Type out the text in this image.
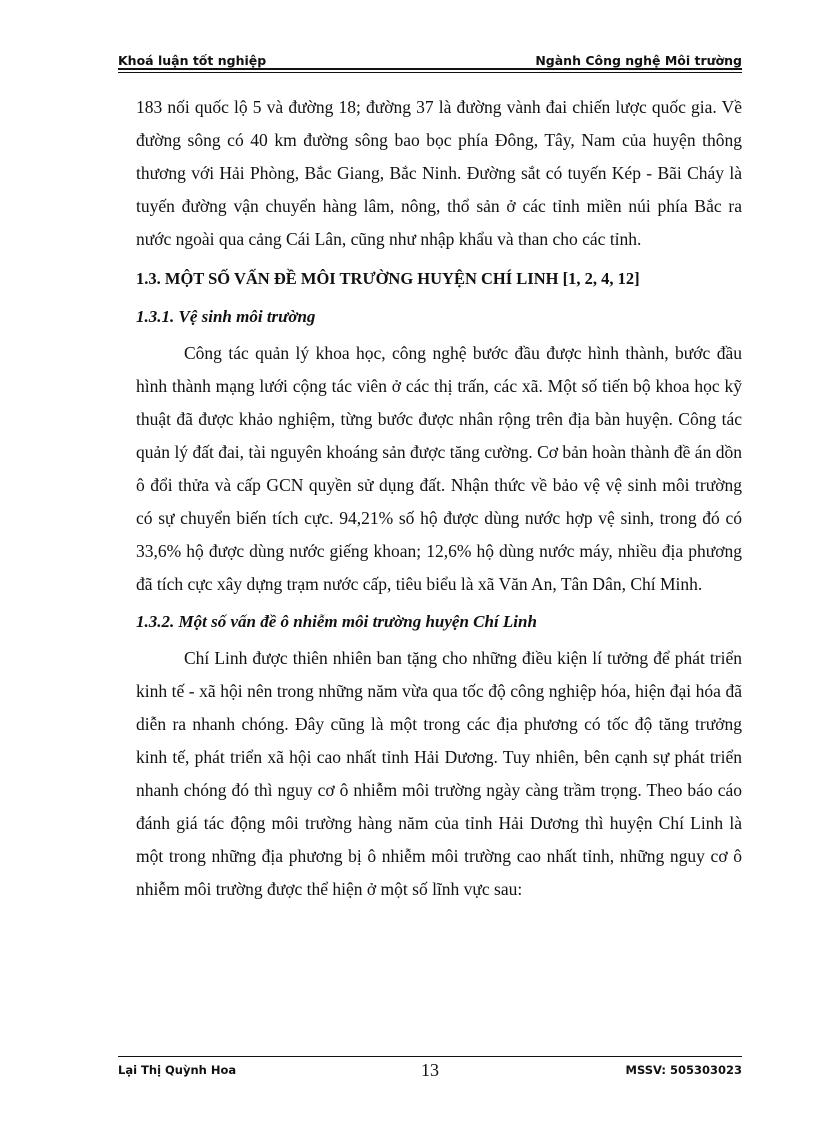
Khoá luận tốt nghiệp	Ngành Công nghệ Môi trường

183 nối quốc lộ 5 và đường 18; đường 37 là đường vành đai chiến lược quốc gia. Về đường sông có 40 km đường sông bao bọc phía Đông, Tây, Nam của huyện thông thương với Hải Phòng, Bắc Giang, Bắc Ninh. Đường sắt có tuyến Kép - Bãi Cháy là tuyến đường vận chuyển hàng lâm, nông, thổ sản ở các tỉnh miền núi phía Bắc ra nước ngoài qua cảng Cái Lân, cũng như nhập khẩu và than cho các tỉnh.

1.3. MỘT SỐ VẤN ĐỀ MÔI TRƯỜNG HUYỆN CHÍ LINH [1, 2, 4, 12]
1.3.1. Vệ sinh môi trường

Công tác quản lý khoa học, công nghệ bước đầu được hình thành, bước đầu hình thành mạng lưới cộng tác viên ở các thị trấn, các xã. Một số tiến bộ khoa học kỹ thuật đã được khảo nghiệm, từng bước được nhân rộng trên địa bàn huyện. Công tác quản lý đất đai, tài nguyên khoáng sản được tăng cường. Cơ bản hoàn thành đề án dồn ô đổi thửa và cấp GCN quyền sử dụng đất. Nhận thức về bảo vệ vệ sinh môi trường có sự chuyển biến tích cực. 94,21% số hộ được dùng nước hợp vệ sinh, trong đó có 33,6% hộ được dùng nước giếng khoan; 12,6% hộ dùng nước máy, nhiều địa phương đã tích cực xây dựng trạm nước cấp, tiêu biểu là xã Văn An, Tân Dân, Chí Minh.

1.3.2. Một số vấn đề ô nhiễm môi trường huyện Chí Linh

Chí Linh được thiên nhiên ban tặng cho những điều kiện lí tưởng để phát triển kinh tế - xã hội nên trong những năm vừa qua tốc độ công nghiệp hóa, hiện đại hóa đã diễn ra nhanh chóng. Đây cũng là một trong các địa phương có tốc độ tăng trưởng kinh tế, phát triển xã hội cao nhất tỉnh Hải Dương. Tuy nhiên, bên cạnh sự phát triển nhanh chóng đó thì nguy cơ ô nhiễm môi trường ngày càng trầm trọng. Theo báo cáo đánh giá tác động môi trường hàng năm của tỉnh Hải Dương thì huyện Chí Linh là một trong những địa phương bị ô nhiễm môi trường cao nhất tỉnh, những nguy cơ ô nhiễm môi trường được thể hiện ở một số lĩnh vực sau:

Lại Thị Quỳnh Hoa	13	MSSV: 505303023
